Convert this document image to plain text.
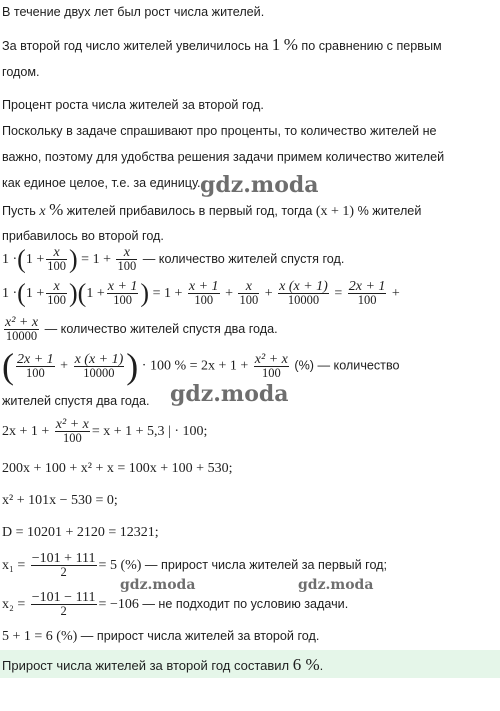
В течение двух лет был рост числа жителей.
За второй год число жителей увеличилось на 1 % по сравнению с первым
годом.
Процент роста числа жителей за второй год.
Поскольку в задаче спрашивают про проценты, то количество жителей не
важно, поэтому для удобства решения задачи примем количество жителей
как единое целое, т.е. за единицу.
Пусть x % жителей прибавилось в первый год, тогда (x + 1) % жителей
прибавилось во второй год.
$1 \cdot(1 + \frac{x}{100}$ ) = $1 + \frac{x}{100}$ — количество жителей спустя год.
$1 \cdot(1 + \frac{x}{100} )(1 + \frac{x + 1}{100}$ ) = $1 + \frac{x + 1}{100} + \frac{x}{100} + \frac{x (x + 1)}{10000} = \frac{2x + 1}{100}$ +
$\frac{\text{x² + x}}{10000}$ — количество жителей спустя два года.
( $\frac{2x + 1}{100} + \frac{x (x + 1)}{10000}$ ) · 100 % = $2x + 1 + \frac{\text{x² + x}}{100}$ (%) — количество
жителей спустя два года.
$2x + 1 + \frac{\text{x² + x}}{100} = x + 1 + 5,3$ | · 100;
200x + 100 + x² + x = 100x + 100 + 530;
x² + 101x − 530 = 0;
D = 10201 + 2120 = 12321;
$x_1 = \frac{-101 + 111}{2} = 5$ (%) — прирост числа жителей за первый год;
$x_2 = \frac{-101 - 111}{2} = -106$ — не подходит по условию задачи.
5 + 1 = 6 (%) — прирост числа жителей за второй год.
Прирост числа жителей за второй год составил 6 %.
gdz.moda
gdz.moda
gdz.moda	gdz.moda
